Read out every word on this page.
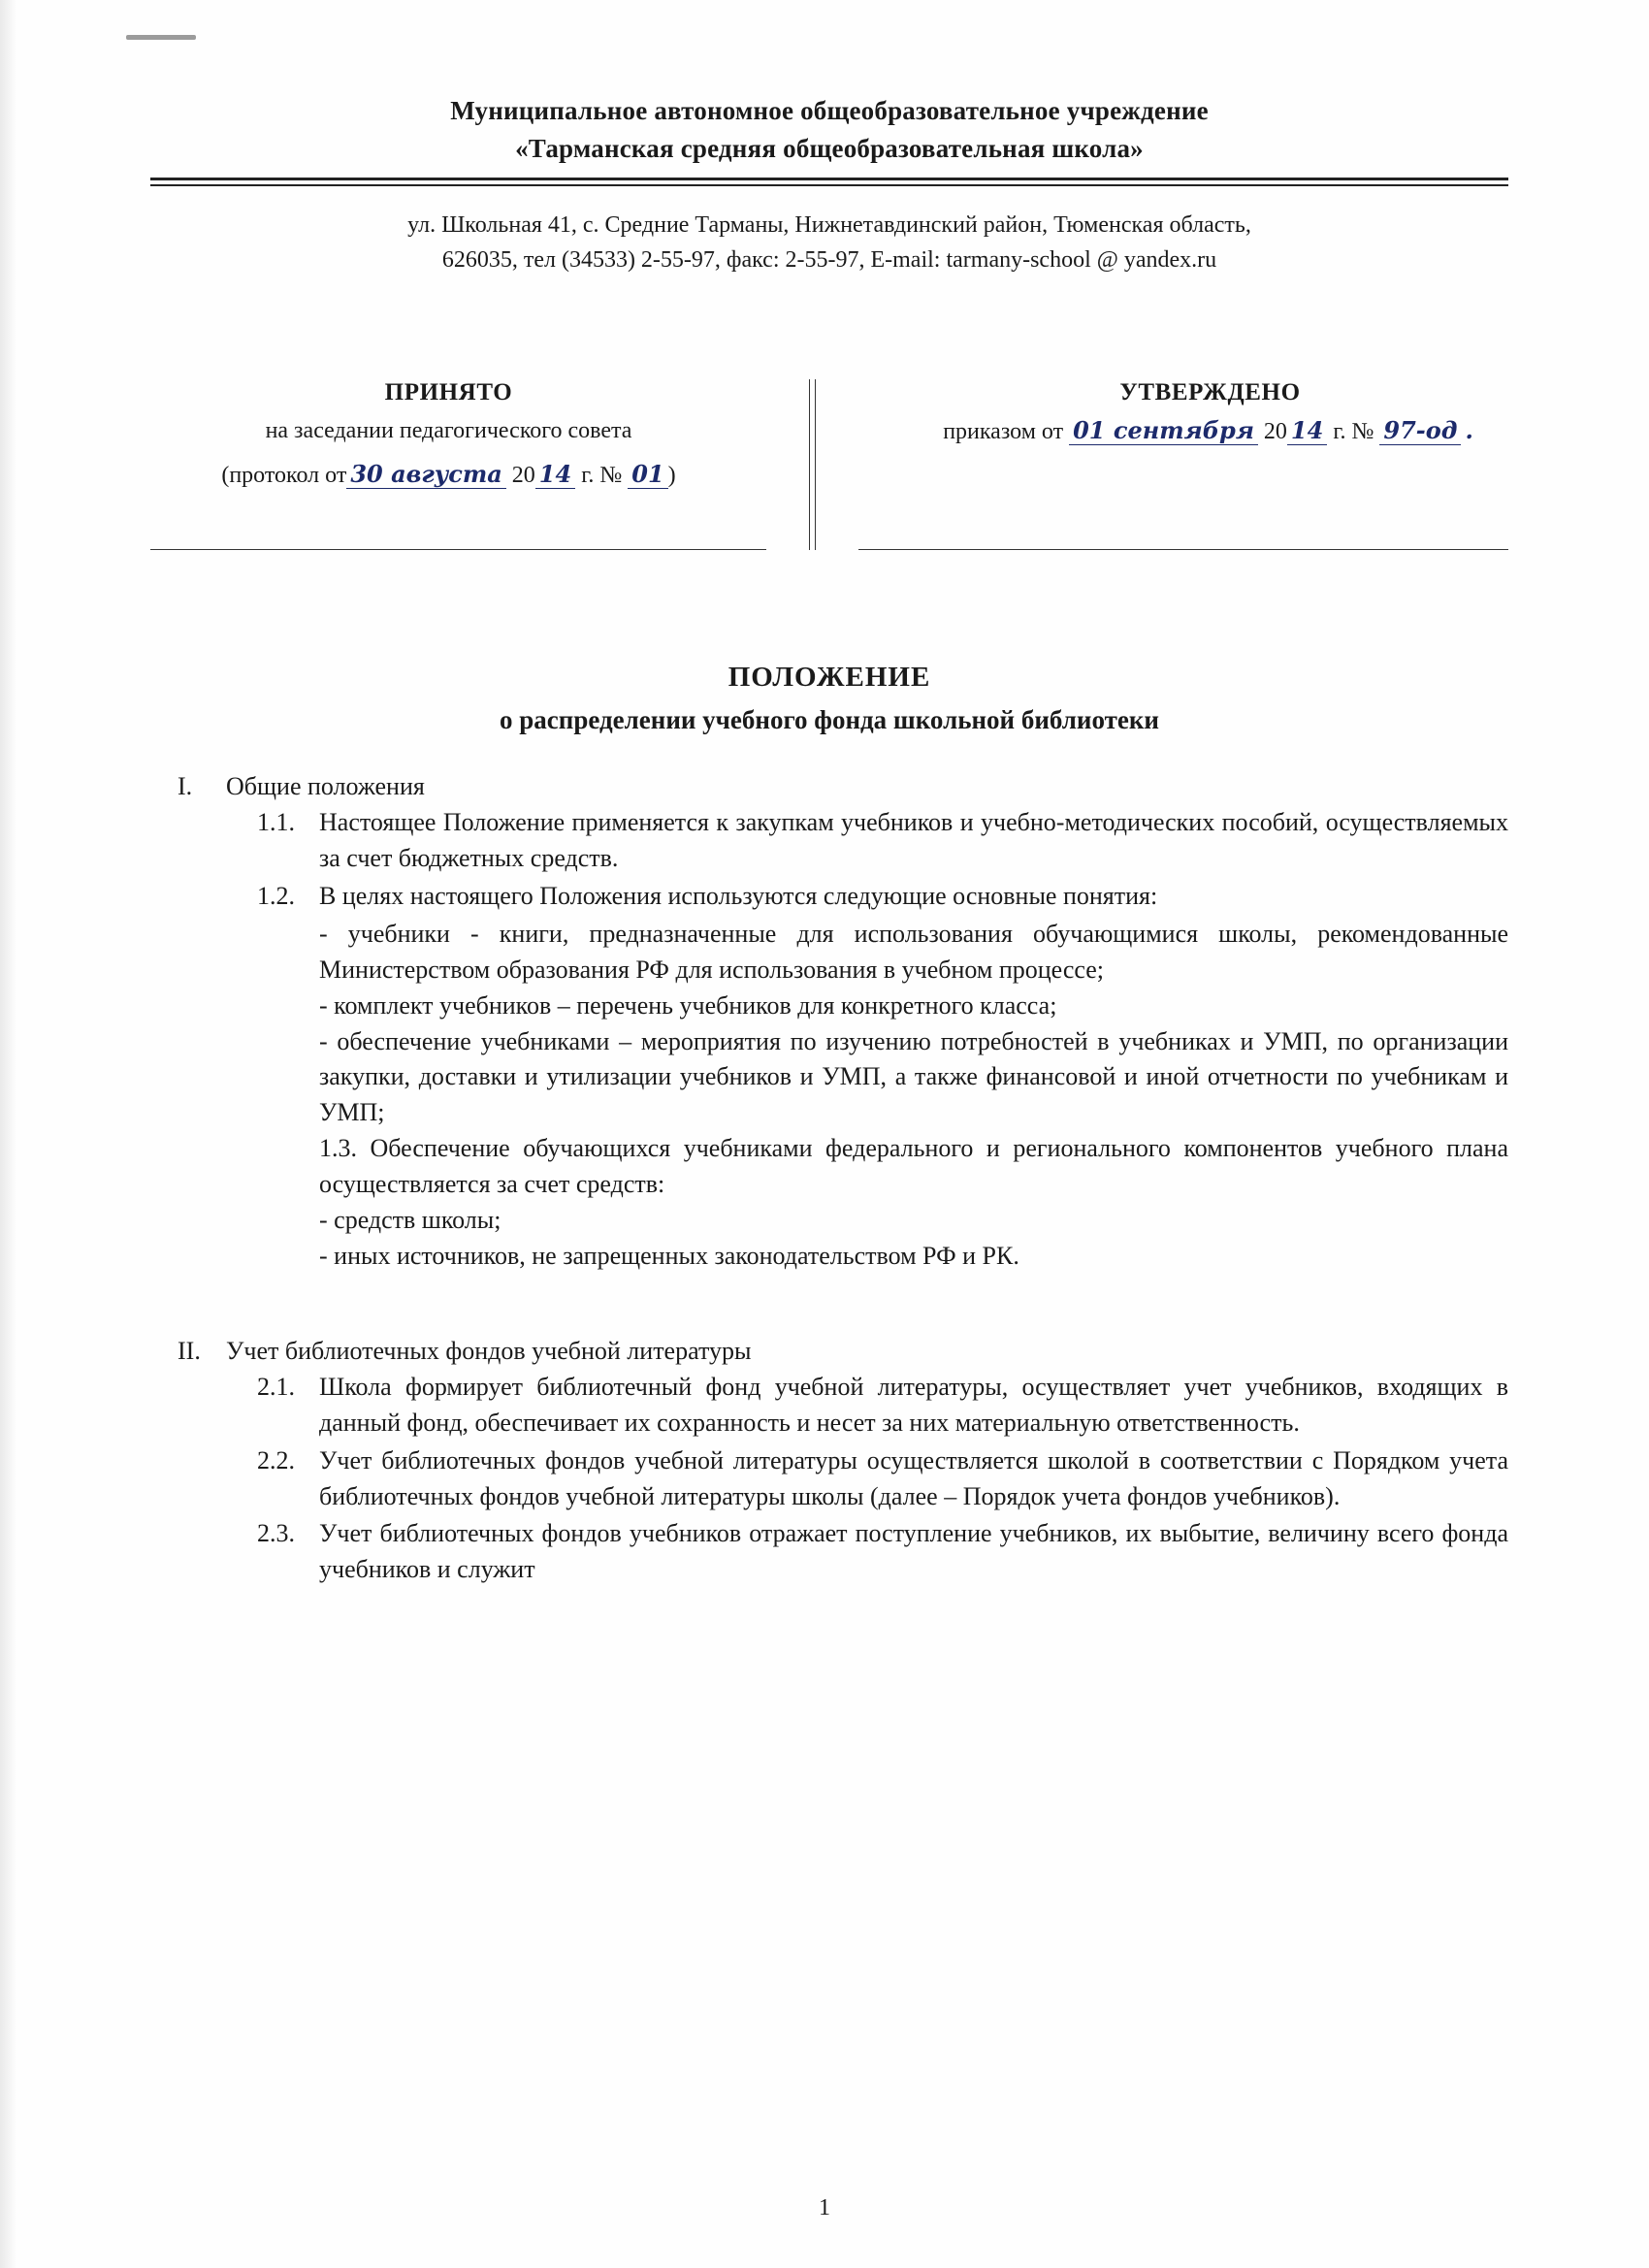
Муниципальное автономное общеобразовательное учреждение
«Тарманская средняя общеобразовательная школа»
ул. Школьная 41, с. Средние Тарманы, Нижнетавдинский район, Тюменская область,
626035, тел (34533) 2-55-97, факс: 2-55-97, E-mail: tarmany-school @ yandex.ru
ПРИНЯТО
на заседании педагогического совета
(протокол от 30 августа 20 14 г. № 01 )
УТВЕРЖДЕНО
приказом от 01 сентября 20 14 г. № 97-од .
ПОЛОЖЕНИЕ
о распределении учебного фонда школьной библиотеки
I.	Общие положения
1.1. Настоящее Положение применяется к закупкам учебников и учебно-методических пособий, осуществляемых за счет бюджетных средств.
1.2. В целях настоящего Положения используются следующие основные понятия:
- учебники - книги, предназначенные для использования обучающимися школы, рекомендованные Министерством образования РФ для использования в учебном процессе;
- комплект учебников – перечень учебников для конкретного класса;
- обеспечение учебниками – мероприятия по изучению потребностей в учебниках и УМП, по организации закупки, доставки и утилизации учебников и УМП, а также финансовой и иной отчетности по учебникам и УМП;
1.3. Обеспечение обучающихся учебниками федерального и регионального компонентов учебного плана осуществляется за счет средств:
- средств школы;
- иных источников, не запрещенных законодательством РФ и РК.
II.	Учет библиотечных фондов учебной литературы
2.1. Школа формирует библиотечный фонд учебной литературы, осуществляет учет учебников, входящих в данный фонд, обеспечивает их сохранность и несет за них материальную ответственность.
2.2. Учет библиотечных фондов учебной литературы осуществляется школой в соответствии с Порядком учета библиотечных фондов учебной литературы школы (далее – Порядок учета фондов учебников).
2.3. Учет библиотечных фондов учебников отражает поступление учебников, их выбытие, величину всего фонда учебников и служит
1
